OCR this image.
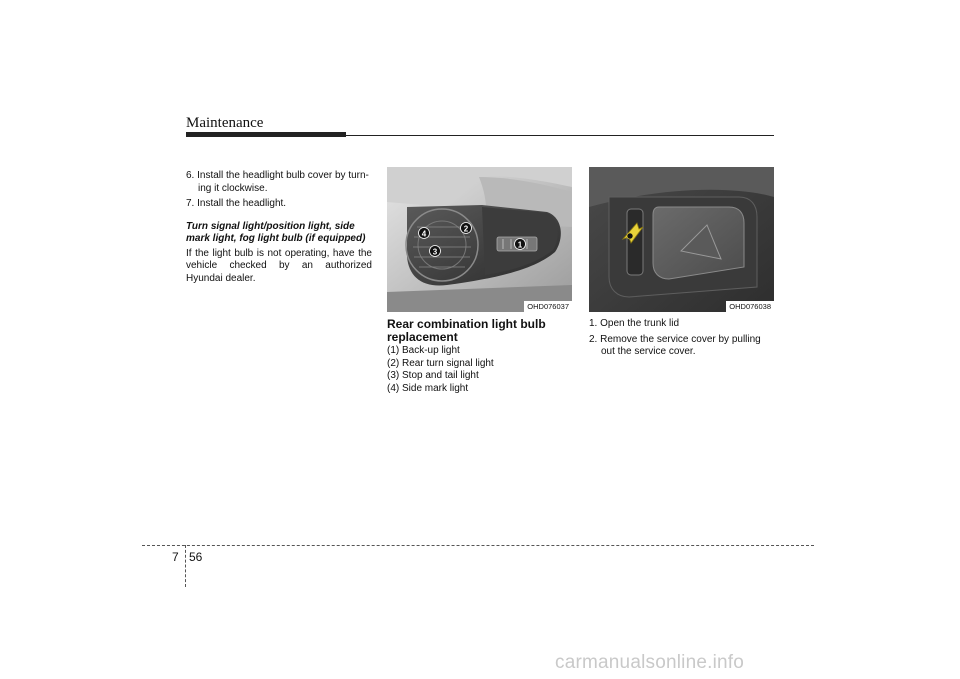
Maintenance
6. Install the headlight bulb cover by turn-ing it clockwise.
7. Install the headlight.
Turn signal light/position light, side mark light, fog light bulb (if equipped)
If the light bulb is not operating, have the vehicle checked by an authorized Hyundai dealer.
1
2
3
4
OHD076037	OHD076038
Rear combination light bulb replacement
(1) Back-up light
(2) Rear turn signal light
(3) Stop and tail light
(4) Side mark light
1. Open the trunk lid
2. Remove the service cover by pulling out the service cover.
7 56
carmanualsonline.info
